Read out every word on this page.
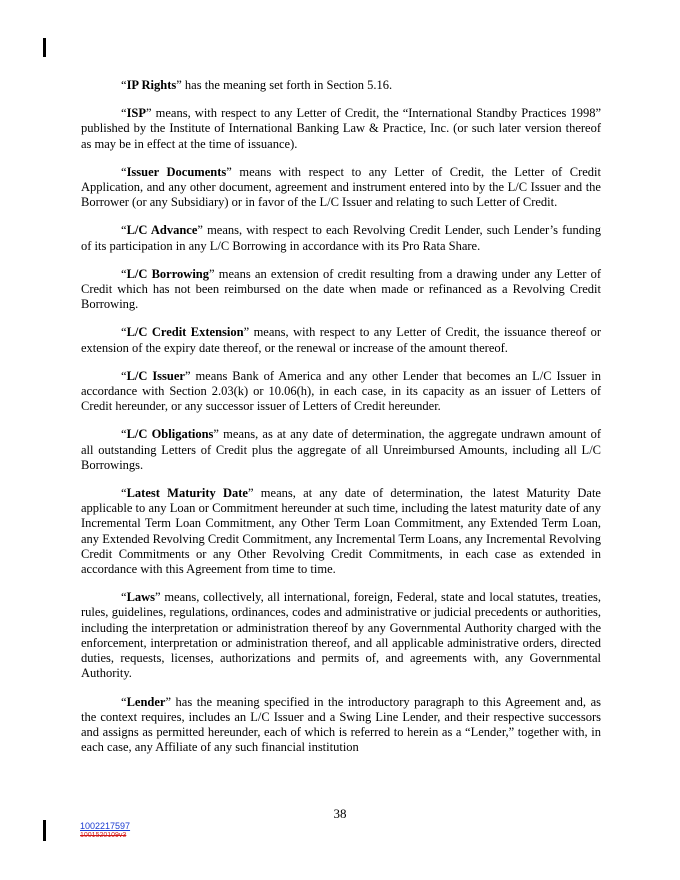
“IP Rights” has the meaning set forth in Section 5.16.

“ISP” means, with respect to any Letter of Credit, the “International Standby Practices 1998” published by the Institute of International Banking Law & Practice, Inc. (or such later version thereof as may be in effect at the time of issuance).

“Issuer Documents” means with respect to any Letter of Credit, the Letter of Credit Application, and any other document, agreement and instrument entered into by the L/C Issuer and the Borrower (or any Subsidiary) or in favor of the L/C Issuer and relating to such Letter of Credit.

“L/C Advance” means, with respect to each Revolving Credit Lender, such Lender’s funding of its participation in any L/C Borrowing in accordance with its Pro Rata Share.

“L/C Borrowing” means an extension of credit resulting from a drawing under any Letter of Credit which has not been reimbursed on the date when made or refinanced as a Revolving Credit Borrowing.

“L/C Credit Extension” means, with respect to any Letter of Credit, the issuance thereof or extension of the expiry date thereof, or the renewal or increase of the amount thereof.

“L/C Issuer” means Bank of America and any other Lender that becomes an L/C Issuer in accordance with Section 2.03(k) or 10.06(h), in each case, in its capacity as an issuer of Letters of Credit hereunder, or any successor issuer of Letters of Credit hereunder.

“L/C Obligations” means, as at any date of determination, the aggregate undrawn amount of all outstanding Letters of Credit plus the aggregate of all Unreimbursed Amounts, including all L/C Borrowings.

“Latest Maturity Date” means, at any date of determination, the latest Maturity Date applicable to any Loan or Commitment hereunder at such time, including the latest maturity date of any Incremental Term Loan Commitment, any Other Term Loan Commitment, any Extended Term Loan, any Extended Revolving Credit Commitment, any Incremental Term Loans, any Incremental Revolving Credit Commitments or any Other Revolving Credit Commitments, in each case as extended in accordance with this Agreement from time to time.

“Laws” means, collectively, all international, foreign, Federal, state and local statutes, treaties, rules, guidelines, regulations, ordinances, codes and administrative or judicial precedents or authorities, including the interpretation or administration thereof by any Governmental Authority charged with the enforcement, interpretation or administration thereof, and all applicable administrative orders, directed duties, requests, licenses, authorizations and permits of, and agreements with, any Governmental Authority.

“Lender” has the meaning specified in the introductory paragraph to this Agreement and, as the context requires, includes an L/C Issuer and a Swing Line Lender, and their respective successors and assigns as permitted hereunder, each of which is referred to herein as a “Lender,” together with, in each case, any Affiliate of any such financial institution

38
1002217597
1001520109v3
